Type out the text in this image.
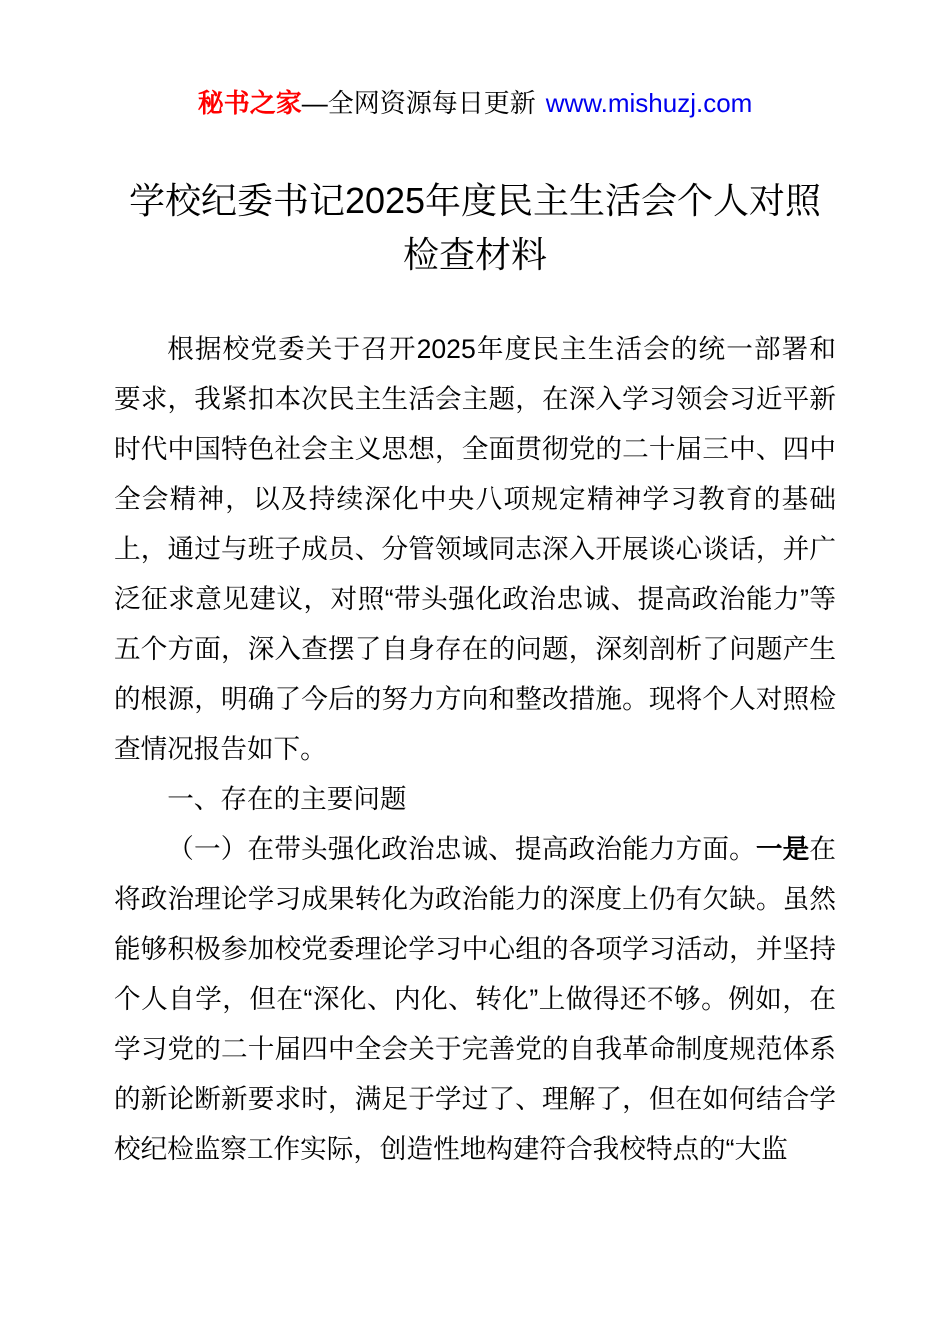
秘书之家—全网资源每日更新 www.mishuzj.com
学校纪委书记2025年度民主生活会个人对照
检查材料

根据校党委关于召开2025年度民主生活会的统一部署和要求，我紧扣本次民主生活会主题，在深入学习领会习近平新时代中国特色社会主义思想，全面贯彻党的二十届三中、四中全会精神，以及持续深化中央八项规定精神学习教育的基础上，通过与班子成员、分管领域同志深入开展谈心谈话，并广泛征求意见建议，对照“带头强化政治忠诚、提高政治能力”等五个方面，深入查摆了自身存在的问题，深刻剖析了问题产生的根源，明确了今后的努力方向和整改措施。现将个人对照检查情况报告如下。

一、存在的主要问题

（一）在带头强化政治忠诚、提高政治能力方面。一是在将政治理论学习成果转化为政治能力的深度上仍有欠缺。虽然能够积极参加校党委理论学习中心组的各项学习活动，并坚持个人自学，但在“深化、内化、转化”上做得还不够。例如，在学习党的二十届四中全会关于完善党的自我革命制度规范体系的新论断新要求时，满足于学过了、理解了，但在如何结合学校纪检监察工作实际，创造性地构建符合我校特点的“大监
